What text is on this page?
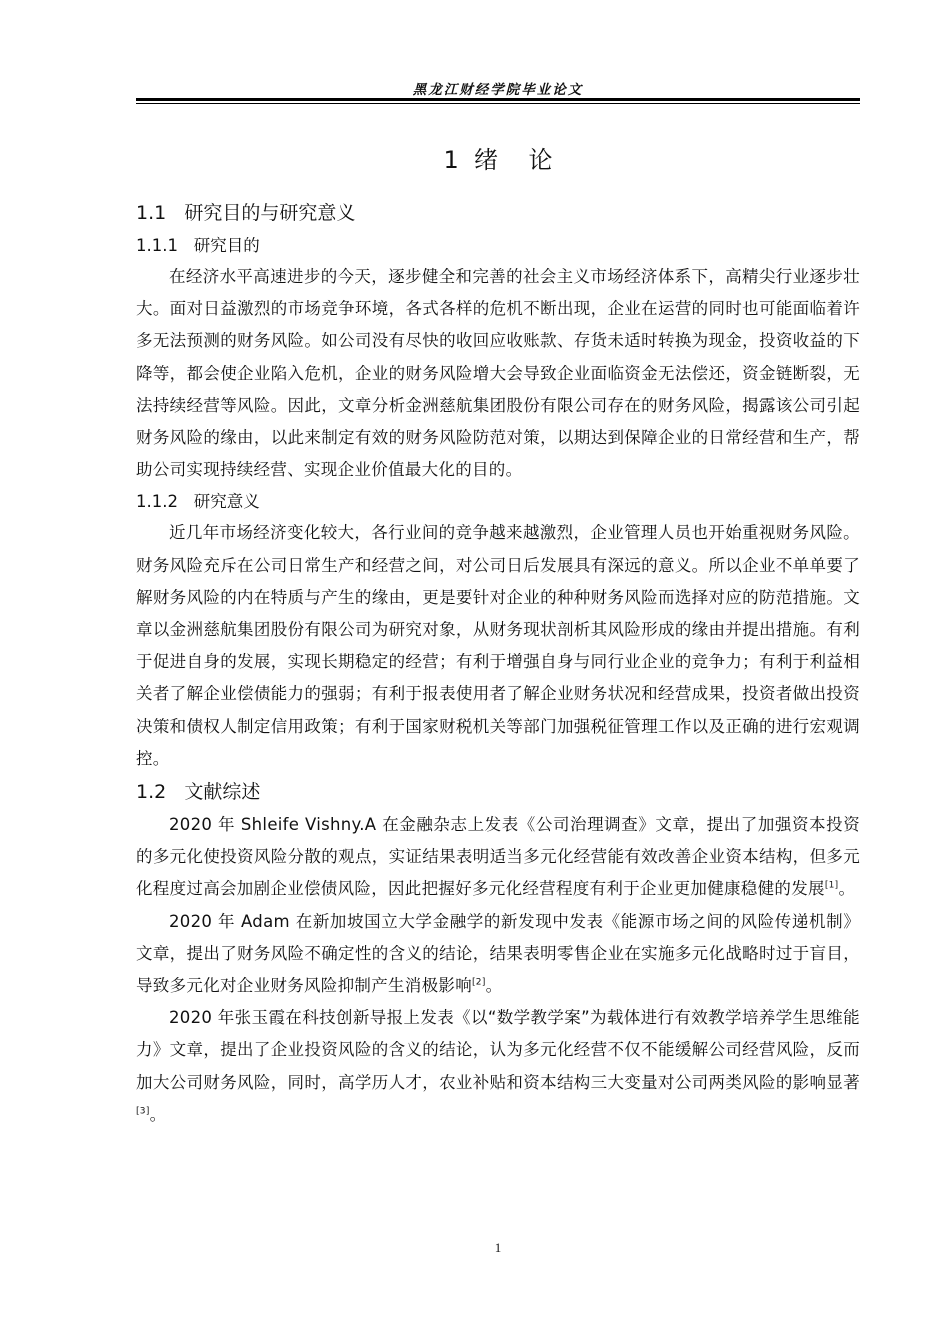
黑龙江财经学院毕业论文
1  绪    论
1.1   研究目的与研究意义
1.1.1   研究目的

在经济水平高速进步的今天，逐步健全和完善的社会主义市场经济体系下，高精尖行业逐步壮大。面对日益激烈的市场竞争环境，各式各样的危机不断出现，企业在运营的同时也可能面临着许多无法预测的财务风险。如公司没有尽快的收回应收账款、存货未适时转换为现金，投资收益的下降等，都会使企业陷入危机，企业的财务风险增大会导致企业面临资金无法偿还，资金链断裂，无法持续经营等风险。因此，文章分析金洲慈航集团股份有限公司存在的财务风险，揭露该公司引起财务风险的缘由，以此来制定有效的财务风险防范对策，以期达到保障企业的日常经营和生产，帮助公司实现持续经营、实现企业价值最大化的目的。

1.1.2   研究意义

近几年市场经济变化较大，各行业间的竞争越来越激烈，企业管理人员也开始重视财务风险。财务风险充斥在公司日常生产和经营之间，对公司日后发展具有深远的意义。所以企业不单单要了解财务风险的内在特质与产生的缘由，更是要针对企业的种种财务风险而选择对应的防范措施。文章以金洲慈航集团股份有限公司为研究对象，从财务现状剖析其风险形成的缘由并提出措施。有利于促进自身的发展，实现长期稳定的经营；有利于增强自身与同行业企业的竞争力；有利于利益相关者了解企业偿债能力的强弱；有利于报表使用者了解企业财务状况和经营成果，投资者做出投资决策和债权人制定信用政策；有利于国家财税机关等部门加强税征管理工作以及正确的进行宏观调控。

1.2   文献综述

2020 年 Shleife Vishny.A 在金融杂志上发表《公司治理调查》文章，提出了加强资本投资的多元化使投资风险分散的观点，实证结果表明适当多元化经营能有效改善企业资本结构，但多元化程度过高会加剧企业偿债风险，因此把握好多元化经营程度有利于企业更加健康稳健的发展[1]。

2020 年 Adam 在新加坡国立大学金融学的新发现中发表《能源市场之间的风险传递机制》文章，提出了财务风险不确定性的含义的结论，结果表明零售企业在实施多元化战略时过于盲目，导致多元化对企业财务风险抑制产生消极影响[2]。

2020 年张玉霞在科技创新导报上发表《以“数学教学案”为载体进行有效教学培养学生思维能力》文章，提出了企业投资风险的含义的结论，认为多元化经营不仅不能缓解公司经营风险，反而加大公司财务风险，同时，高学历人才，农业补贴和资本结构三大变量对公司两类风险的影响显著[3]。

1
